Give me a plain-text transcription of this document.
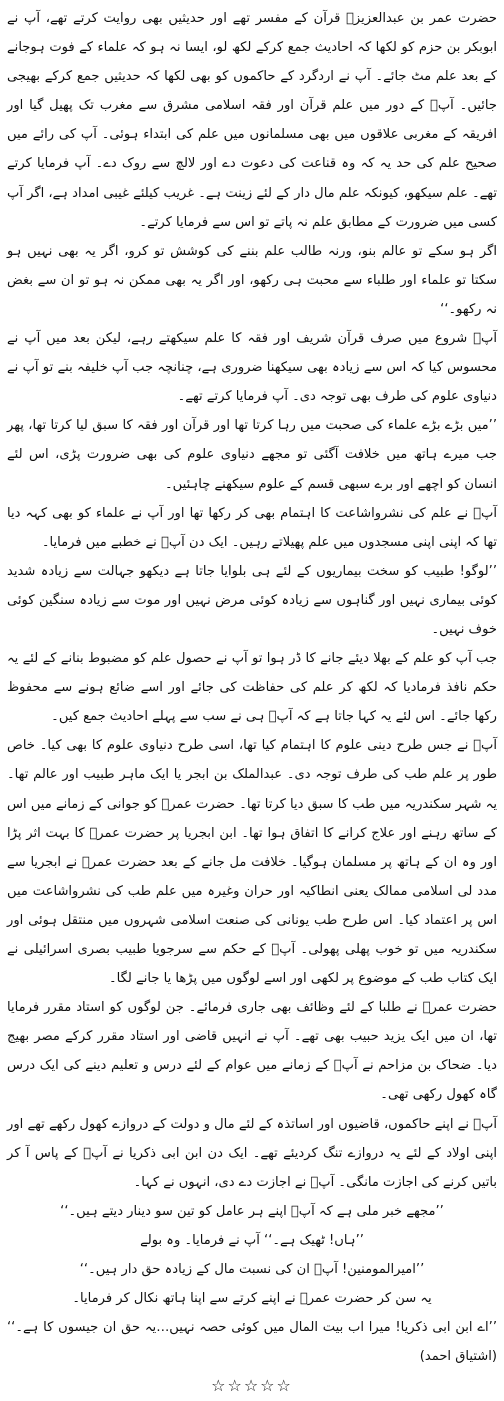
حضرت عمر بن عبدالعزیزؒ قرآن کے مفسر تھے اور حدیثیں بھی روایت کرتے تھے، آپ نے ابوبکر بن حزم کو لکھا کہ احادیث جمع کرکے لکھ لو، ایسا نہ ہو کہ علماء کے فوت ہوجانے کے بعد علم مٹ جائے۔ آپ نے اردگرد کے حاکموں کو بھی لکھا کہ حدیثیں جمع کرکے بھیجی جائیں۔ آپؒ کے دور میں علم قرآن اور فقہ اسلامی مشرق سے مغرب تک پھیل گیا اور افریقہ کے مغربی علاقوں میں بھی مسلمانوں میں علم کی ابتداء ہوئی۔ آپ کی رائے میں صحیح علم کی حد یہ کہ وہ قناعت کی دعوت دے اور لالچ سے روک دے۔ آپ فرمایا کرتے تھے۔ علم سیکھو، کیونکہ علم مال دار کے لئے زینت ہے۔ غریب کیلئے غیبی امداد ہے، اگر آپ کسی میں ضرورت کے مطابق علم نہ پاتے تو اس سے فرمایا کرتے۔

اگر ہو سکے تو عالم بنو، ورنہ طالب علم بننے کی کوشش تو کرو، اگر یہ بھی نہیں ہو سکتا تو علماء اور طلباء سے محبت ہی رکھو، اور اگر یہ بھی ممکن نہ ہو تو ان سے بغض نہ رکھو۔‘‘

آپؒ شروع میں صرف قرآن شریف اور فقہ کا علم سیکھتے رہے، لیکن بعد میں آپ نے محسوس کیا کہ اس سے زیادہ بھی سیکھنا ضروری ہے، چنانچہ جب آپ خلیفہ بنے تو آپ نے دنیاوی علوم کی طرف بھی توجہ دی۔ آپ فرمایا کرتے تھے۔

’’میں بڑے بڑے علماء کی صحبت میں رہا کرتا تھا اور قرآن اور فقہ کا سبق لیا کرتا تھا، پھر جب میرے ہاتھ میں خلافت آگئی تو مجھے دنیاوی علوم کی بھی ضرورت پڑی، اس لئے انسان کو اچھے اور برے سبھی قسم کے علوم سیکھنے چاہئیں۔

آپؒ نے علم کی نشرواشاعت کا اہتمام بھی کر رکھا تھا اور آپ نے علماء کو بھی کہہ دیا تھا کہ اپنی اپنی مسجدوں میں علم پھیلاتے رہیں۔ ایک دن آپؒ نے خطبے میں فرمایا۔

’’لوگو! طبیب کو سخت بیماریوں کے لئے ہی بلوایا جاتا ہے دیکھو جہالت سے زیادہ شدید کوئی بیماری نہیں اور گناہوں سے زیادہ کوئی مرض نہیں اور موت سے زیادہ سنگین کوئی خوف نہیں۔

جب آپ کو علم کے بھلا دیئے جانے کا ڈر ہوا تو آپ نے حصول علم کو مضبوط بنانے کے لئے یہ حکم نافذ فرمادیا کہ لکھ کر علم کی حفاظت کی جائے اور اسے ضائع ہونے سے محفوظ رکھا جائے۔ اس لئے یہ کہا جاتا ہے کہ آپؒ ہی نے سب سے پہلے احادیث جمع کیں۔

آپؒ نے جس طرح دینی علوم کا اہتمام کیا تھا، اسی طرح دنیاوی علوم کا بھی کیا۔ خاص طور پر علم طب کی طرف توجہ دی۔ عبدالملک بن ابجر یا ایک ماہر طبیب اور عالم تھا۔ یہ شہر سکندریہ میں طب کا سبق دیا کرتا تھا۔ حضرت عمرؓ کو جوانی کے زمانے میں اس کے ساتھ رہنے اور علاج کرانے کا اتفاق ہوا تھا۔ ابن ابجریا پر حضرت عمرؓ کا بہت اثر پڑا اور وہ ان کے ہاتھ پر مسلمان ہوگیا۔ خلافت مل جانے کے بعد حضرت عمرؓ نے ابجریا سے مدد لی اسلامی ممالک یعنی انطاکیہ اور حران وغیرہ میں علم طب کی نشرواشاعت میں اس پر اعتماد کیا۔ اس طرح طب یونانی کی صنعت اسلامی شہروں میں منتقل ہوئی اور سکندریہ میں تو خوب پھلی پھولی۔ آپؒ کے حکم سے سرجویا طبیب بصری اسرائیلی نے ایک کتاب طب کے موضوع پر لکھی اور اسے لوگوں میں پڑھا یا جانے لگا۔

حضرت عمرؓ نے طلبا کے لئے وظائف بھی جاری فرمائے۔ جن لوگوں کو استاد مقرر فرمایا تھا، ان میں ایک یزید حبیب بھی تھے۔ آپ نے انہیں قاضی اور استاد مقرر کرکے مصر بھیج دیا۔ ضحاک بن مزاحم نے آپؒ کے زمانے میں عوام کے لئے درس و تعلیم دینے کی ایک درس گاہ کھول رکھی تھی۔

آپؒ نے اپنے حاکموں، قاضیوں اور اساتذہ کے لئے مال و دولت کے دروازے کھول رکھے تھے اور اپنی اولاد کے لئے یہ دروازے تنگ کردیئے تھے۔ ایک دن ابن ابی ذکریا نے آپؒ کے پاس آ کر باتیں کرنے کی اجازت مانگی۔ آپؒ نے اجازت دے دی، انہوں نے کہا۔

’’مجھے خبر ملی ہے کہ آپؒ اپنے ہر عامل کو تین سو دینار دیتے ہیں۔‘‘

’’ہاں! ٹھیک ہے۔‘‘ آپ نے فرمایا۔ وہ بولے

’’امیرالمومنین! آپؒ ان کی نسبت مال کے زیادہ حق دار ہیں۔‘‘

یہ سن کر حضرت عمرؓ نے اپنے کرتے سے اپنا ہاتھ نکال کر فرمایا۔

’’اے ابن ابی ذکریا! میرا اب بیت المال میں کوئی حصہ نہیں…یہ حق ان جیسوں کا ہے۔‘‘ (اشتیاق احمد)

☆☆☆☆☆
